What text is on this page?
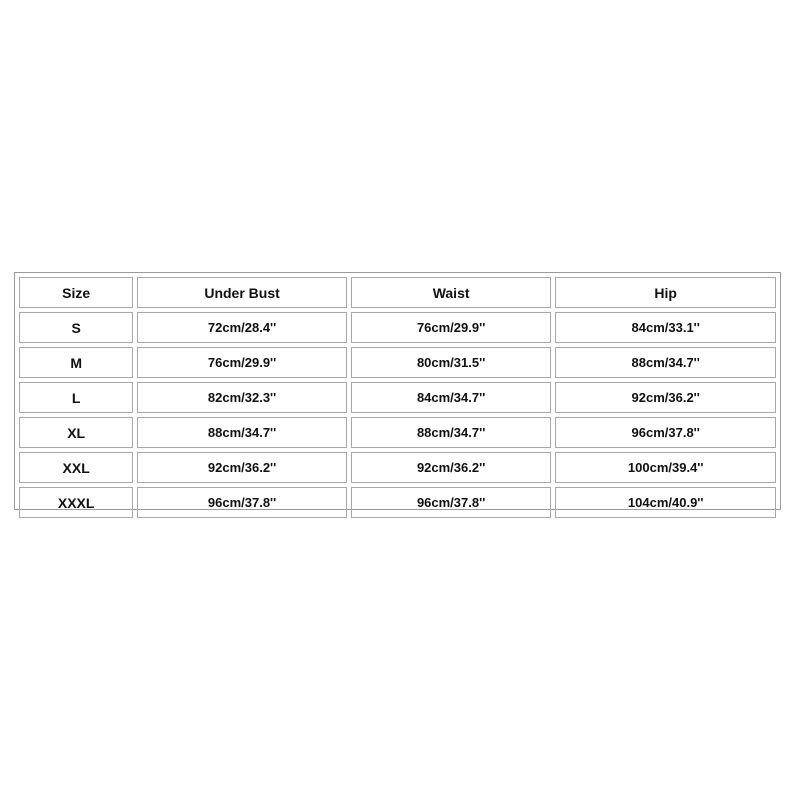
Size	Under Bust	Waist	Hip
S	72cm/28.4''	76cm/29.9''	84cm/33.1''
M	76cm/29.9''	80cm/31.5''	88cm/34.7''
L	82cm/32.3''	84cm/34.7''	92cm/36.2''
XL	88cm/34.7''	88cm/34.7''	96cm/37.8''
XXL	92cm/36.2''	92cm/36.2''	100cm/39.4''
XXXL	96cm/37.8''	96cm/37.8''	104cm/40.9''
